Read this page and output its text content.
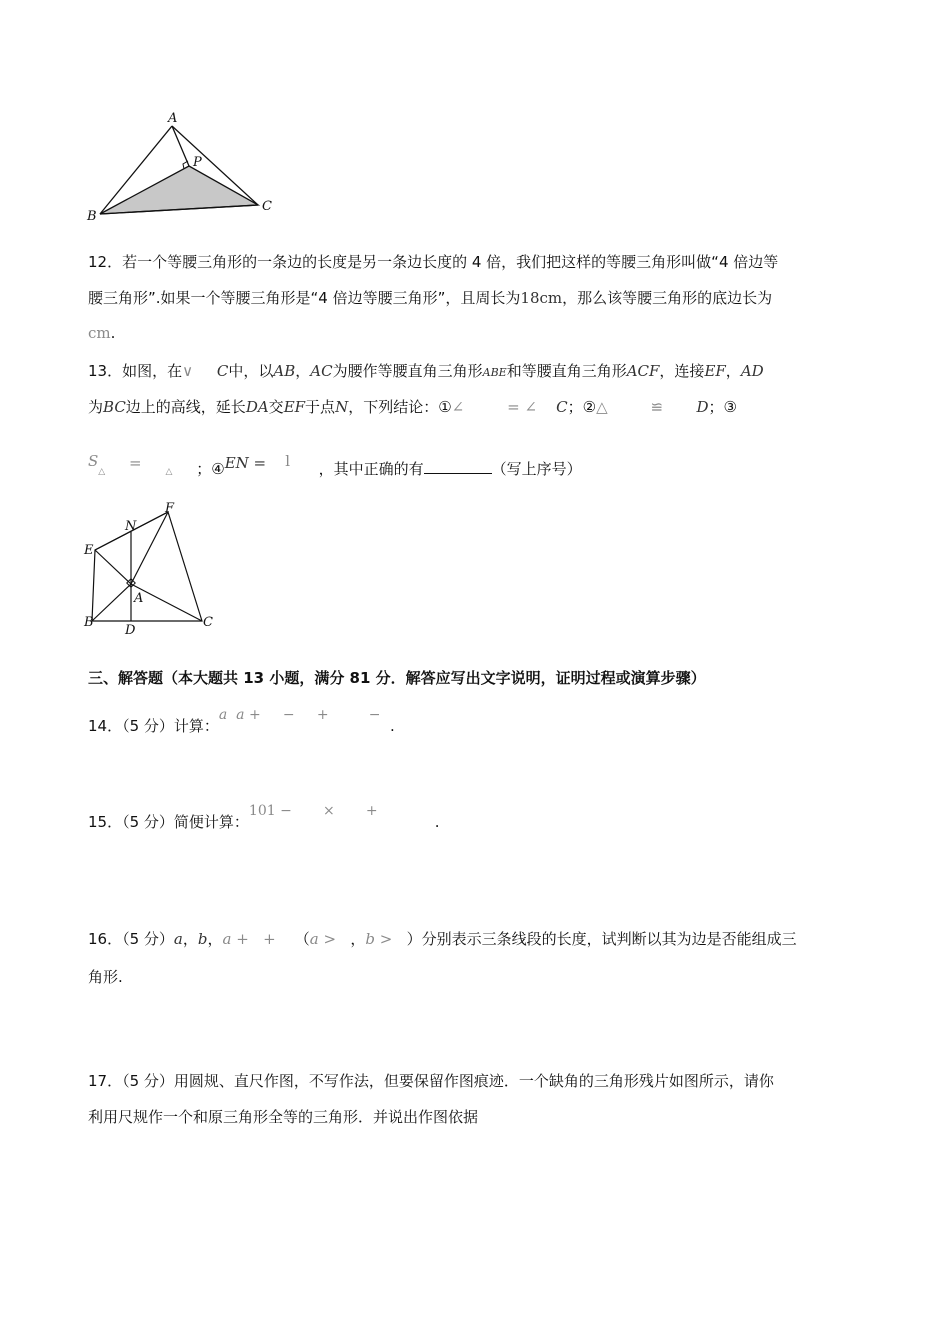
A
P
B
C
12．若一个等腰三角形的一条边的长度是另一条边长度的 4 倍，我们把这样的等腰三角形叫做“4 倍边等
腰三角形”.如果一个等腰三角形是“4 倍边等腰三角形”，且周长为18cm，那么该等腰三角形的底边长为
cm.
13．如图，在∨ C中，以AB，AC为腰作等腰直角三角形ABE和等腰直角三角形ACF，连接EF，AD
为BC边上的高线，延长DA交EF于点N，下列结论：①∠	= ∠ C；②△	≌ D；③
S△ =	△ ；④EN = l ，其中正确的有	（写上序号）
E
N
F
A
B
D
C
三、解答题（本大题共 13 小题，满分 81 分．解答应写出文字说明，证明过程或演算步骤）
14．（5 分）计算：a  a +     −     +         −  .
15．（5 分）简便计算：101 −       ×       +            .
16．（5 分）a，b，a +   + （a > ，b > ）分别表示三条线段的长度，试判断以其为边是否能组成三
角形.
17．（5 分）用圆规、直尺作图，不写作法，但要保留作图痕迹．一个缺角的三角形残片如图所示，请你
利用尺规作一个和原三角形全等的三角形．并说出作图依据
